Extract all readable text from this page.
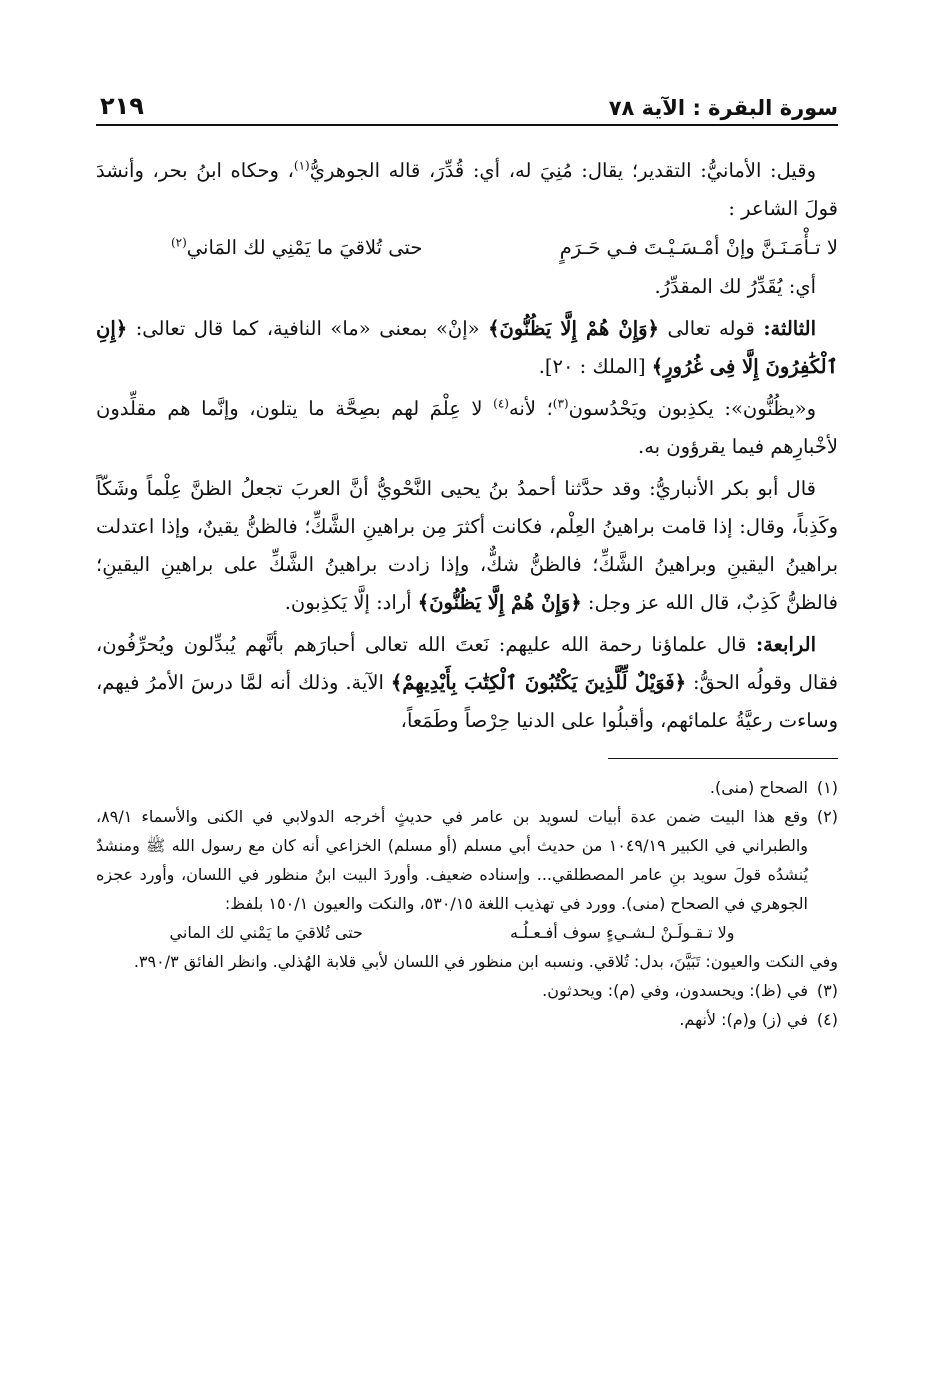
سورة البقرة : الآية ٧٨
٢١٩

وقيل: الأمانيُّ: التقدير؛ يقال: مُنِيَ له، أي: قُدِّرَ، قاله الجوهريُّ$^{(١)}$، وحكاه ابنُ بحر، وأنشدَ قولَ الشاعر :

لا تـأْمَـنَـنَّ وإنْ أمْـسَـيْـتَ فـي حَـرَمٍ
حتى تُلاقيَ ما يَمْنِي لك المَاني$^{(٢)}$

أي: يُقَدِّرُ لك المقدِّرُ.

الثالثة: قوله تعالى ﴿وَإِنْ هُمْ إِلَّا يَظُنُّونَ﴾ «إنْ» بمعنى «ما» النافية، كما قال تعالى: ﴿إِنِ ٱلْكَٰفِرُونَ إِلَّا فِى غُرُورٍ﴾ [الملك : ٢٠].

و«يظُنُّون»: يكذِبون ويَحْدُسون$^{(٣)}$؛ لأنه$^{(٤)}$ لا عِلْمَ لهم بصِحَّة ما يتلون، وإنَّما هم مقلِّدون لأخْبارِهم فيما يقرؤون به.

قال أبو بكر الأنباريُّ: وقد حدَّثنا أحمدُ بنُ يحيى النَّحْويُّ أنَّ العربَ تجعلُ الظنَّ عِلْماً وشَكّاً وكَذِباً، وقال: إذا قامت براهينُ العِلْم، فكانت أكثرَ مِن براهينِ الشَّكِّ؛ فالظنُّ يقينٌ، وإذا اعتدلت براهينُ اليقينِ وبراهينُ الشَّكِّ؛ فالظنُّ شكٌّ، وإذا زادت براهينُ الشَّكِّ على براهينِ اليقينِ؛ فالظنُّ كَذِبٌ، قال الله عز وجل: ﴿وَإِنْ هُمْ إِلَّا يَظُنُّونَ﴾ أراد: إلَّا يَكذِبون.

الرابعة: قال علماؤنا رحمة الله عليهم: نَعتَ الله تعالى أحبارَهم بأنَّهم يُبدِّلون ويُحرِّفُون، فقال وقولُه الحقُّ: ﴿فَوَيْلٌ لِّلَّذِينَ يَكْتُبُونَ ٱلْكِتَٰبَ بِأَيْدِيهِمْ﴾ الآية. وذلك أنه لمَّا درسَ الأمرُ فيهم، وساءت رعيَّةُ علمائهم، وأقبلُوا على الدنيا حِرْصاً وطَمَعاً،

(١)
الصحاح (منى).
(٢)
وقع هذا البيت ضمن عدة أبيات لسويد بن عامر في حديثٍ أخرجه الدولابي في الكنى والأسماء ٨٩/١، والطبراني في الكبير ١٠٤٩/١٩ من حديث أبي مسلم (أو مسلم) الخزاعي أنه كان مع رسول الله ﷺ ومنشدٌ يُنشدُه قولَ سويد بنِ عامر المصطلقي... وإسناده ضعيف. وأوردَ البيت ابنُ منظور في اللسان، وأورد عجزه الجوهري في الصحاح (منى). وورد في تهذيب اللغة ٥٣٠/١٥، والنكت والعيون ١٥٠/١ بلفظ:
ولا تـقـولَـنْ لـشـيءٍ سوف أفـعـلُـه
حتى تُلاقيَ ما يَمْني لك الماني
وفي النكت والعيون: تَبَيَّنَ، بدل: تُلاقي. ونسبه ابن منظور في اللسان لأبي قلابة الهُذلي. وانظر الفائق ٣٩٠/٣.
(٣)
في (ظ): ويحسدون، وفي (م): ويحدثون.
(٤)
في (ز) و(م): لأنهم.
